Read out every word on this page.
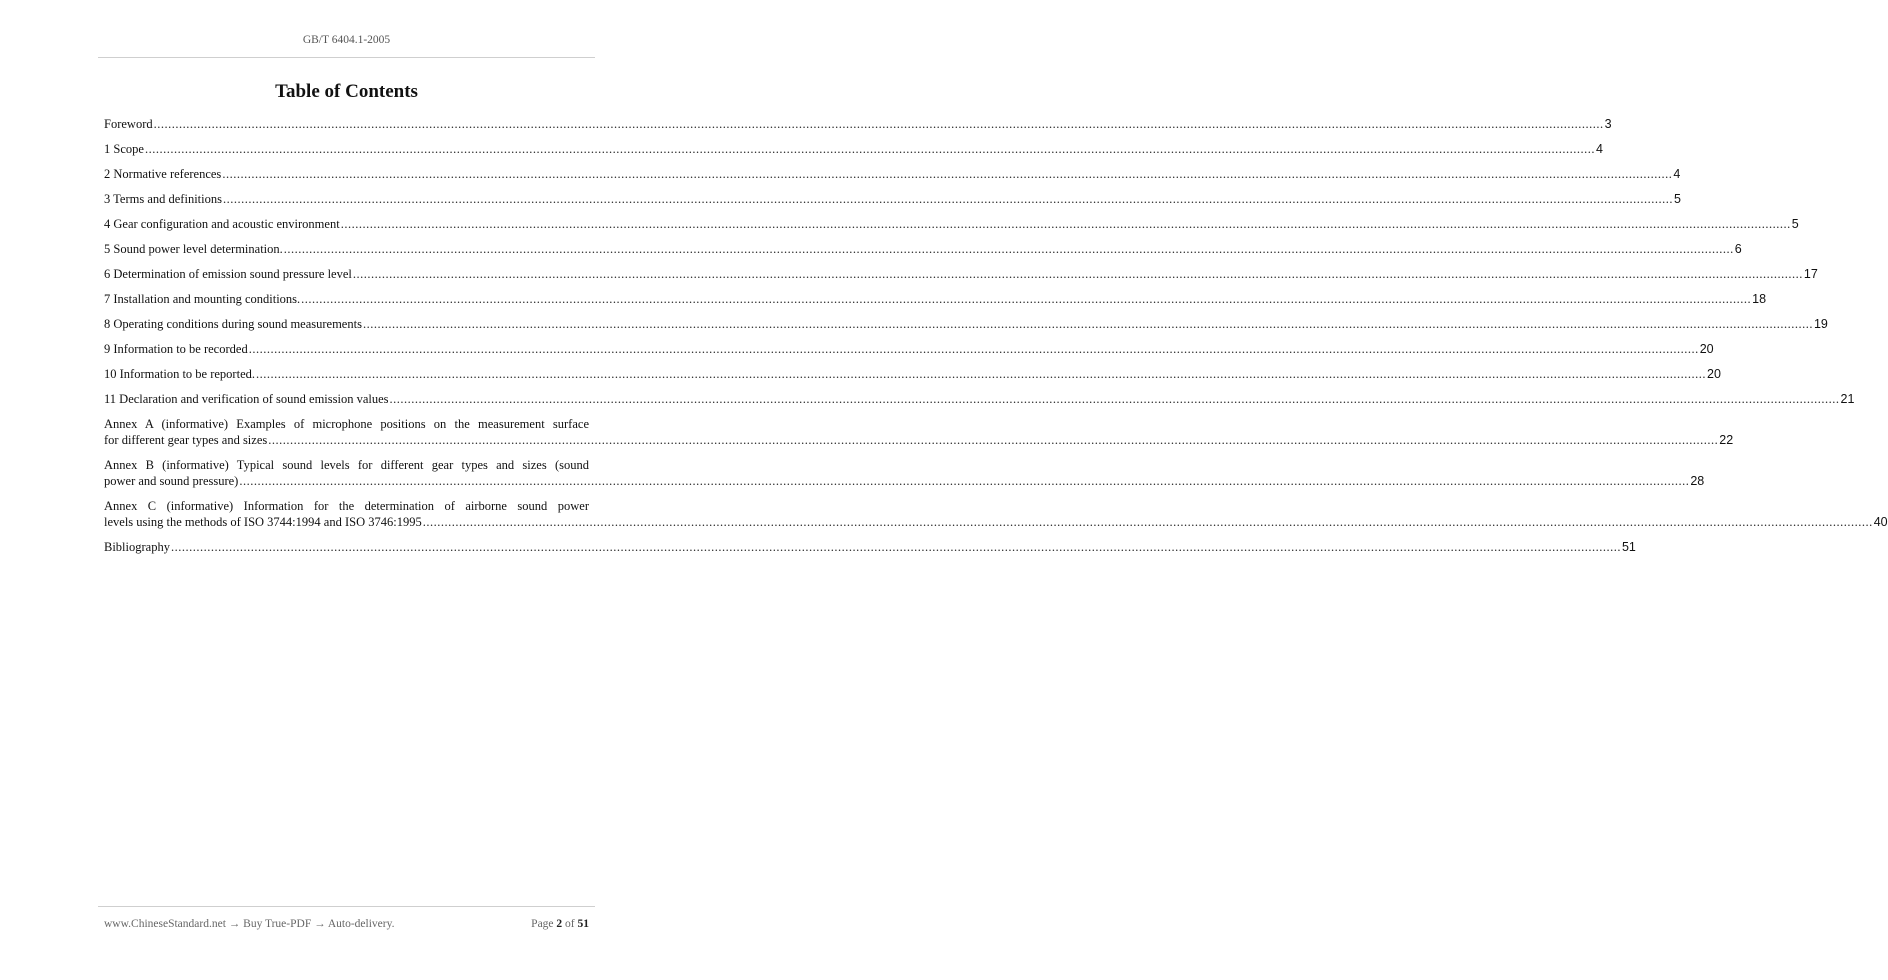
GB/T 6404.1-2005
Table of Contents
Foreword ................................................................................................................................................................................................................................................................................................................................................................................................................ 3
1 Scope ................................................................................................................................................................................................................................................................................................................................................................................................................ 4
2 Normative references ................................................................................................................................................................................................................................................................................................................................................................................................................ 4
3 Terms and definitions ................................................................................................................................................................................................................................................................................................................................................................................................................ 5
4 Gear configuration and acoustic environment ................................................................................................................................................................................................................................................................................................................................................................................................................ 5
5 Sound power level determination. ................................................................................................................................................................................................................................................................................................................................................................................................................ 6
6 Determination of emission sound pressure level ................................................................................................................................................................................................................................................................................................................................................................................................................ 17
7 Installation and mounting conditions. ................................................................................................................................................................................................................................................................................................................................................................................................................ 18
8 Operating conditions during sound measurements ................................................................................................................................................................................................................................................................................................................................................................................................................ 19
9 Information to be recorded ................................................................................................................................................................................................................................................................................................................................................................................................................ 20
10 Information to be reported. ................................................................................................................................................................................................................................................................................................................................................................................................................ 20
11 Declaration and verification of sound emission values ................................................................................................................................................................................................................................................................................................................................................................................................................ 21
Annex A (informative) Examples of microphone positions on the measurement surface
for different gear types and sizes ................................................................................................................................................................................................................................................................................................................................................................................................................ 22
Annex B (informative) Typical sound levels for different gear types and sizes (sound
power and sound pressure) ................................................................................................................................................................................................................................................................................................................................................................................................................ 28
Annex C (informative) Information for the determination of airborne sound power
levels using the methods of ISO 3744:1994 and ISO 3746:1995 ................................................................................................................................................................................................................................................................................................................................................................................................................ 40
Bibliography ................................................................................................................................................................................................................................................................................................................................................................................................................ 51
www.ChineseStandard.net → Buy True-PDF → Auto-delivery.	Page 2 of 51
